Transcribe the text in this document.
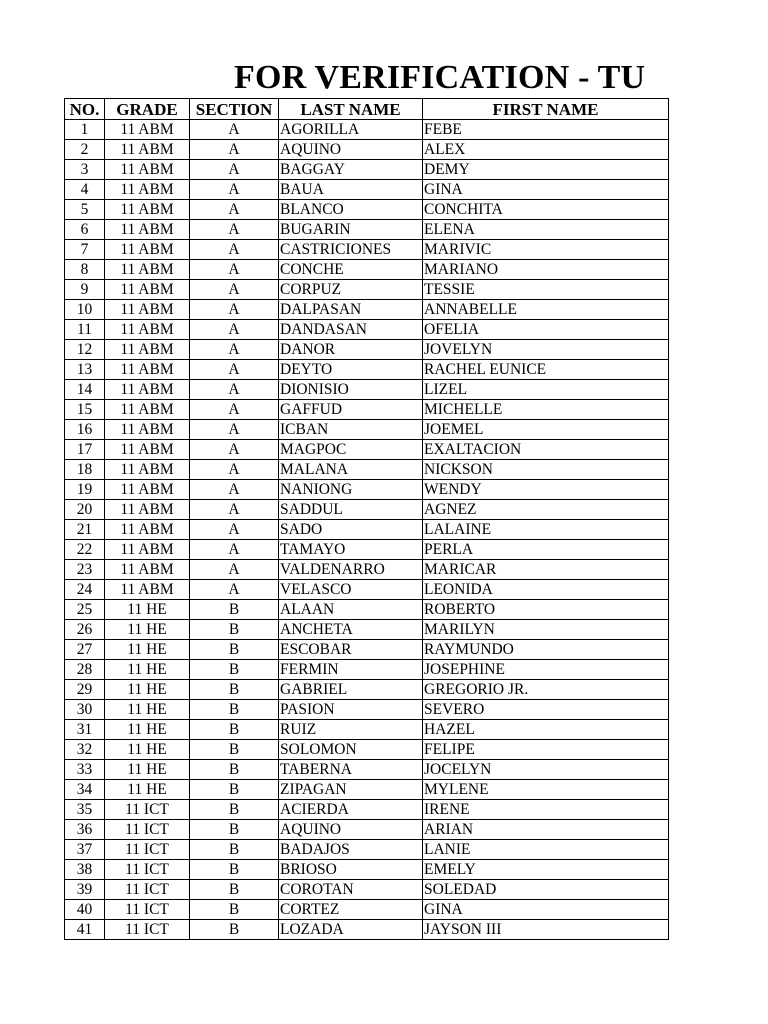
FOR VERIFICATION - TU
NO.	GRADE	SECTION	LAST NAME	FIRST NAME
1	11 ABM	A	AGORILLA	FEBE
2	11 ABM	A	AQUINO	ALEX
3	11 ABM	A	BAGGAY	DEMY
4	11 ABM	A	BAUA	GINA
5	11 ABM	A	BLANCO	CONCHITA
6	11 ABM	A	BUGARIN	ELENA
7	11 ABM	A	CASTRICIONES	MARIVIC
8	11 ABM	A	CONCHE	MARIANO
9	11 ABM	A	CORPUZ	TESSIE
10	11 ABM	A	DALPASAN	ANNABELLE
11	11 ABM	A	DANDASAN	OFELIA
12	11 ABM	A	DANOR	JOVELYN
13	11 ABM	A	DEYTO	RACHEL EUNICE
14	11 ABM	A	DIONISIO	LIZEL
15	11 ABM	A	GAFFUD	MICHELLE
16	11 ABM	A	ICBAN	JOEMEL
17	11 ABM	A	MAGPOC	EXALTACION
18	11 ABM	A	MALANA	NICKSON
19	11 ABM	A	NANIONG	WENDY
20	11 ABM	A	SADDUL	AGNEZ
21	11 ABM	A	SADO	LALAINE
22	11 ABM	A	TAMAYO	PERLA
23	11 ABM	A	VALDENARRO	MARICAR
24	11 ABM	A	VELASCO	LEONIDA
25	11 HE	B	ALAAN	ROBERTO
26	11 HE	B	ANCHETA	MARILYN
27	11 HE	B	ESCOBAR	RAYMUNDO
28	11 HE	B	FERMIN	JOSEPHINE
29	11 HE	B	GABRIEL	GREGORIO JR.
30	11 HE	B	PASION	SEVERO
31	11 HE	B	RUIZ	HAZEL
32	11 HE	B	SOLOMON	FELIPE
33	11 HE	B	TABERNA	JOCELYN
34	11 HE	B	ZIPAGAN	MYLENE
35	11 ICT	B	ACIERDA	IRENE
36	11 ICT	B	AQUINO	ARIAN
37	11 ICT	B	BADAJOS	LANIE
38	11 ICT	B	BRIOSO	EMELY
39	11 ICT	B	COROTAN	SOLEDAD
40	11 ICT	B	CORTEZ	GINA
41	11 ICT	B	LOZADA	JAYSON III
